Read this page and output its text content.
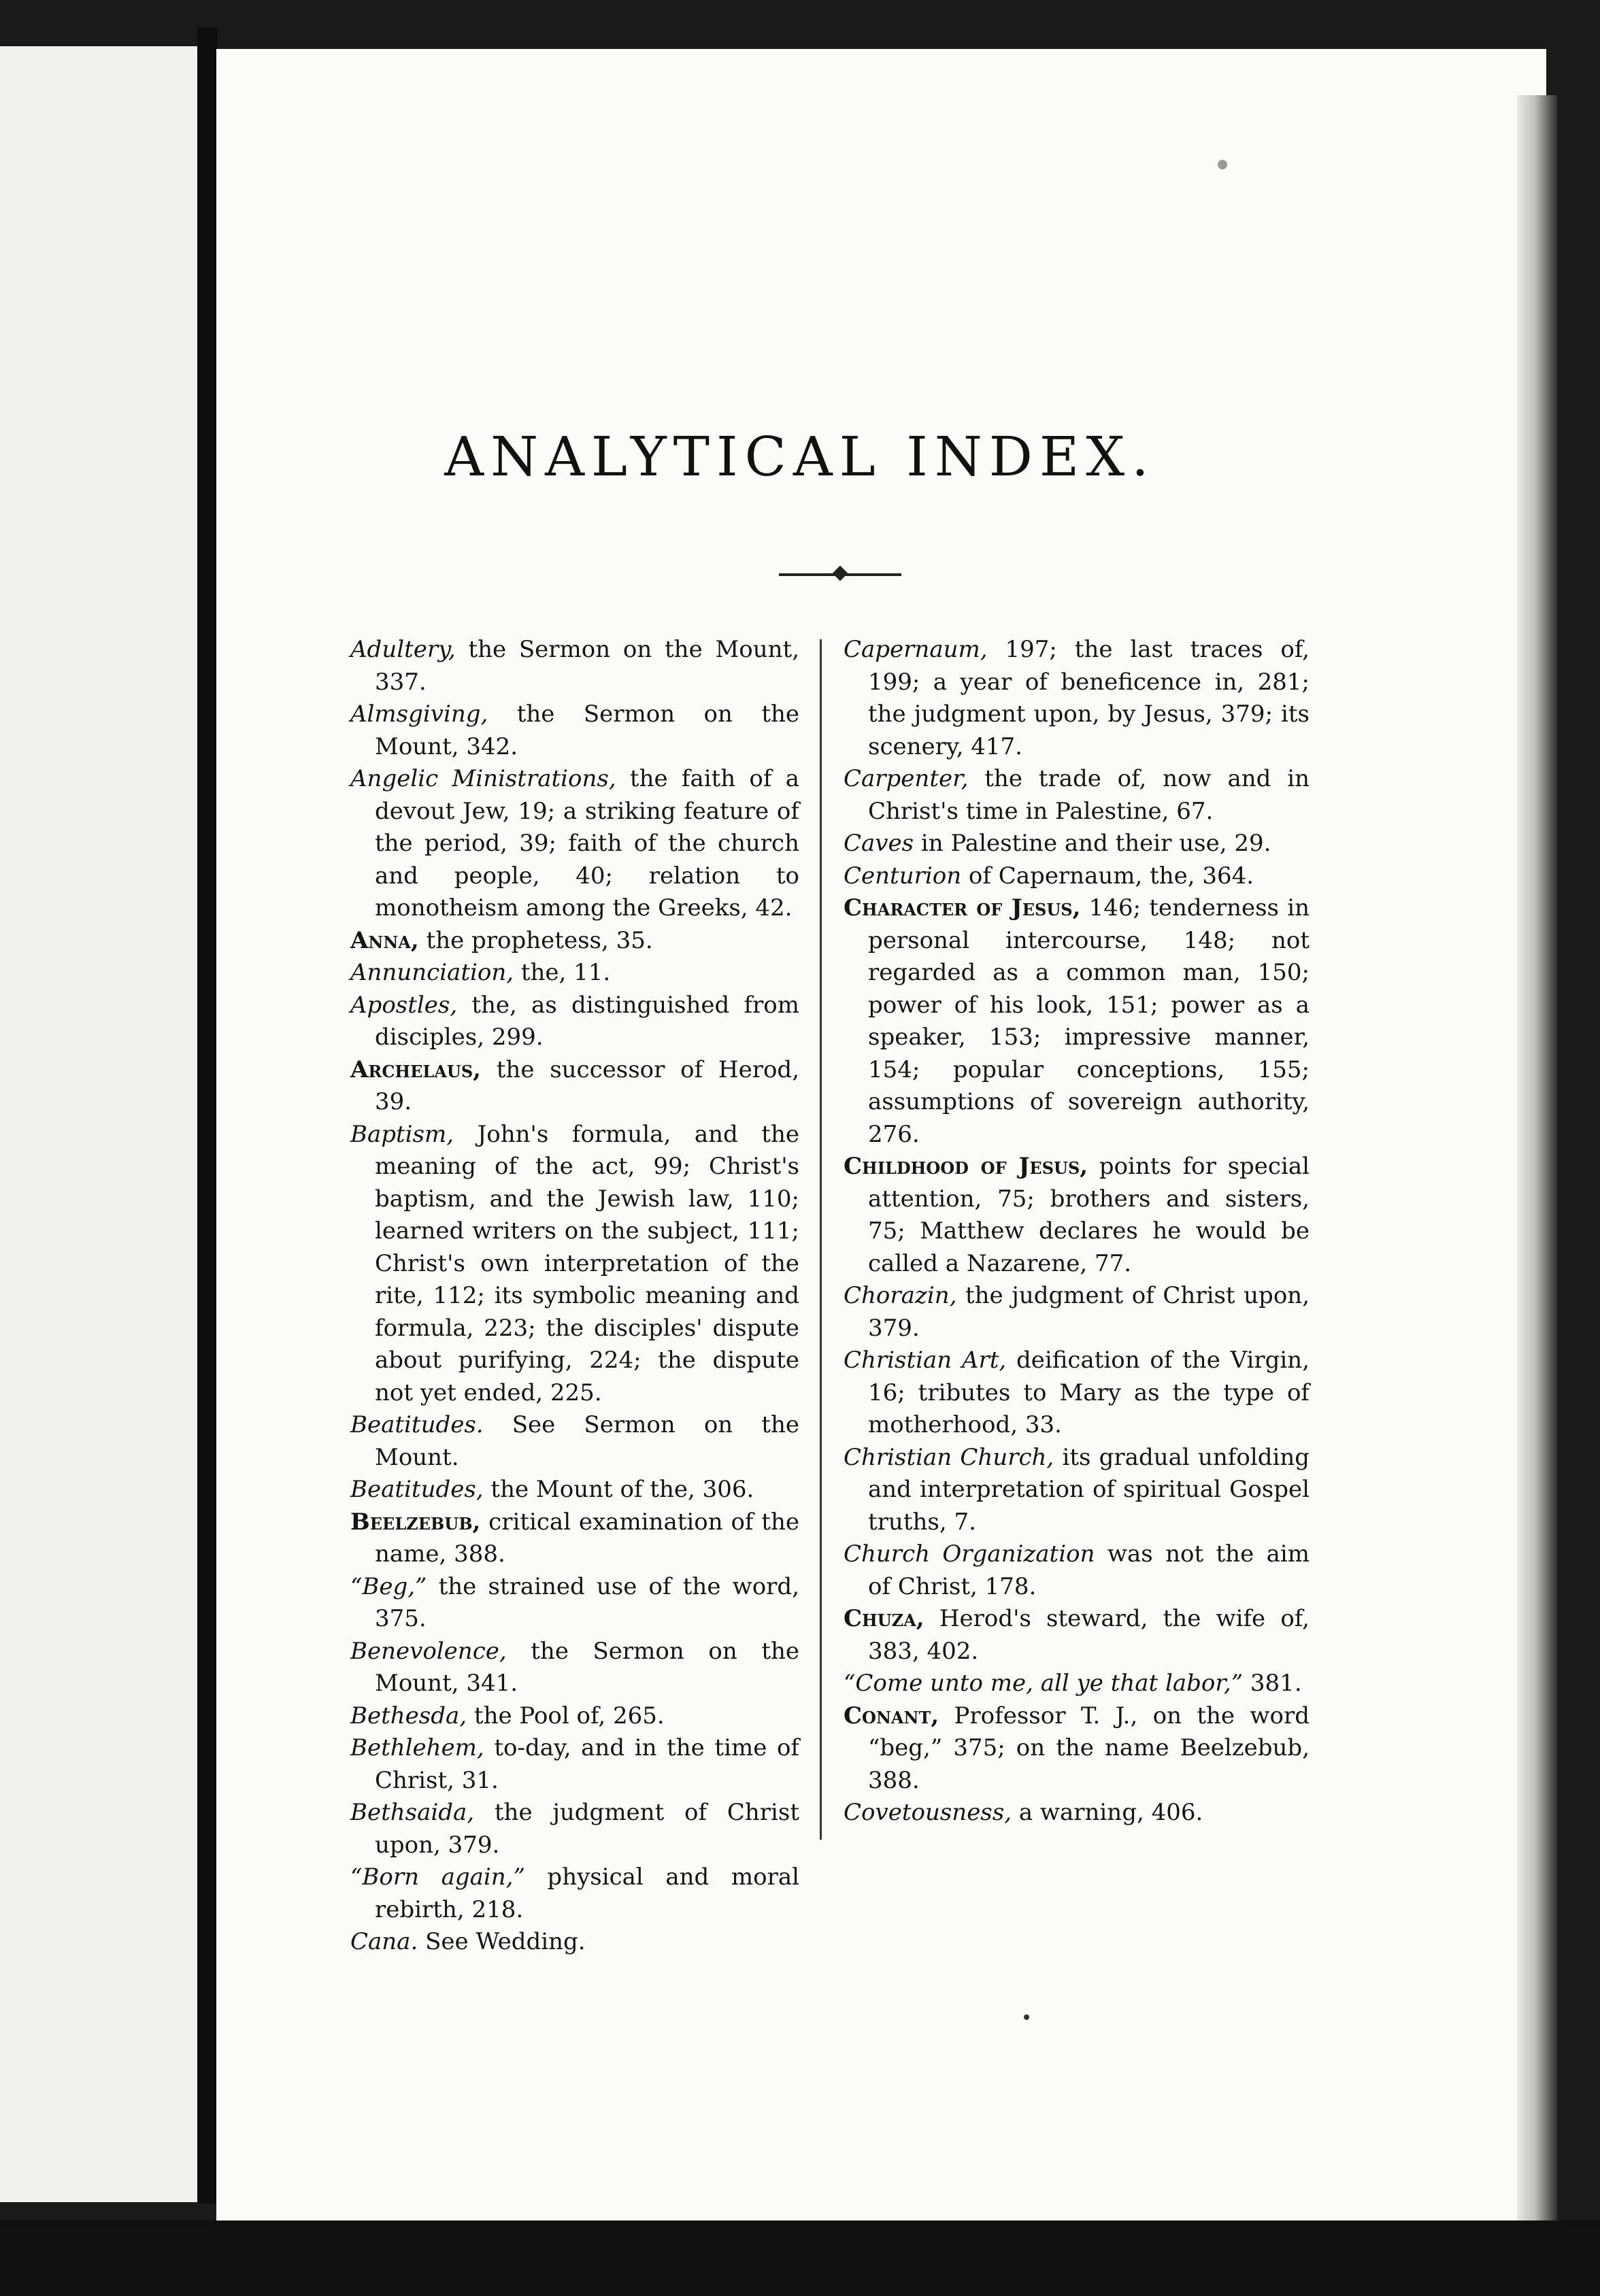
ANALYTICAL INDEX.

Adultery, the Sermon on the Mount, 337.

Almsgiving, the Sermon on the Mount, 342.

Angelic Ministrations, the faith of a devout Jew, 19; a striking feature of the period, 39; faith of the church and people, 40; relation to monotheism among the Greeks, 42.

Anna, the prophetess, 35.

Annunciation, the, 11.

Apostles, the, as distinguished from disciples, 299.

Archelaus, the successor of Herod, 39.

Baptism, John's formula, and the meaning of the act, 99; Christ's baptism, and the Jewish law, 110; learned writers on the subject, 111; Christ's own interpretation of the rite, 112; its symbolic meaning and formula, 223; the disciples' dispute about purifying, 224; the dispute not yet ended, 225.

Beatitudes. See Sermon on the Mount.

Beatitudes, the Mount of the, 306.

Beelzebub, critical examination of the name, 388.

“Beg,” the strained use of the word, 375.

Benevolence, the Sermon on the Mount, 341.

Bethesda, the Pool of, 265.

Bethlehem, to-day, and in the time of Christ, 31.

Bethsaida, the judgment of Christ upon, 379.

“Born again,” physical and moral rebirth, 218.

Cana. See Wedding.

Capernaum, 197; the last traces of, 199; a year of beneficence in, 281; the judgment upon, by Jesus, 379; its scenery, 417.

Carpenter, the trade of, now and in Christ's time in Palestine, 67.

Caves in Palestine and their use, 29.

Centurion of Capernaum, the, 364.

Character of Jesus, 146; tenderness in personal intercourse, 148; not regarded as a common man, 150; power of his look, 151; power as a speaker, 153; impressive manner, 154; popular conceptions, 155; assumptions of sovereign authority, 276.

Childhood of Jesus, points for special attention, 75; brothers and sisters, 75; Matthew declares he would be called a Nazarene, 77.

Chorazin, the judgment of Christ upon, 379.

Christian Art, deification of the Virgin, 16; tributes to Mary as the type of motherhood, 33.

Christian Church, its gradual unfolding and interpretation of spiritual Gospel truths, 7.

Church Organization was not the aim of Christ, 178.

Chuza, Herod's steward, the wife of, 383, 402.

“Come unto me, all ye that labor,” 381.

Conant, Professor T. J., on the word “beg,” 375; on the name Beelzebub, 388.

Covetousness, a warning, 406.
